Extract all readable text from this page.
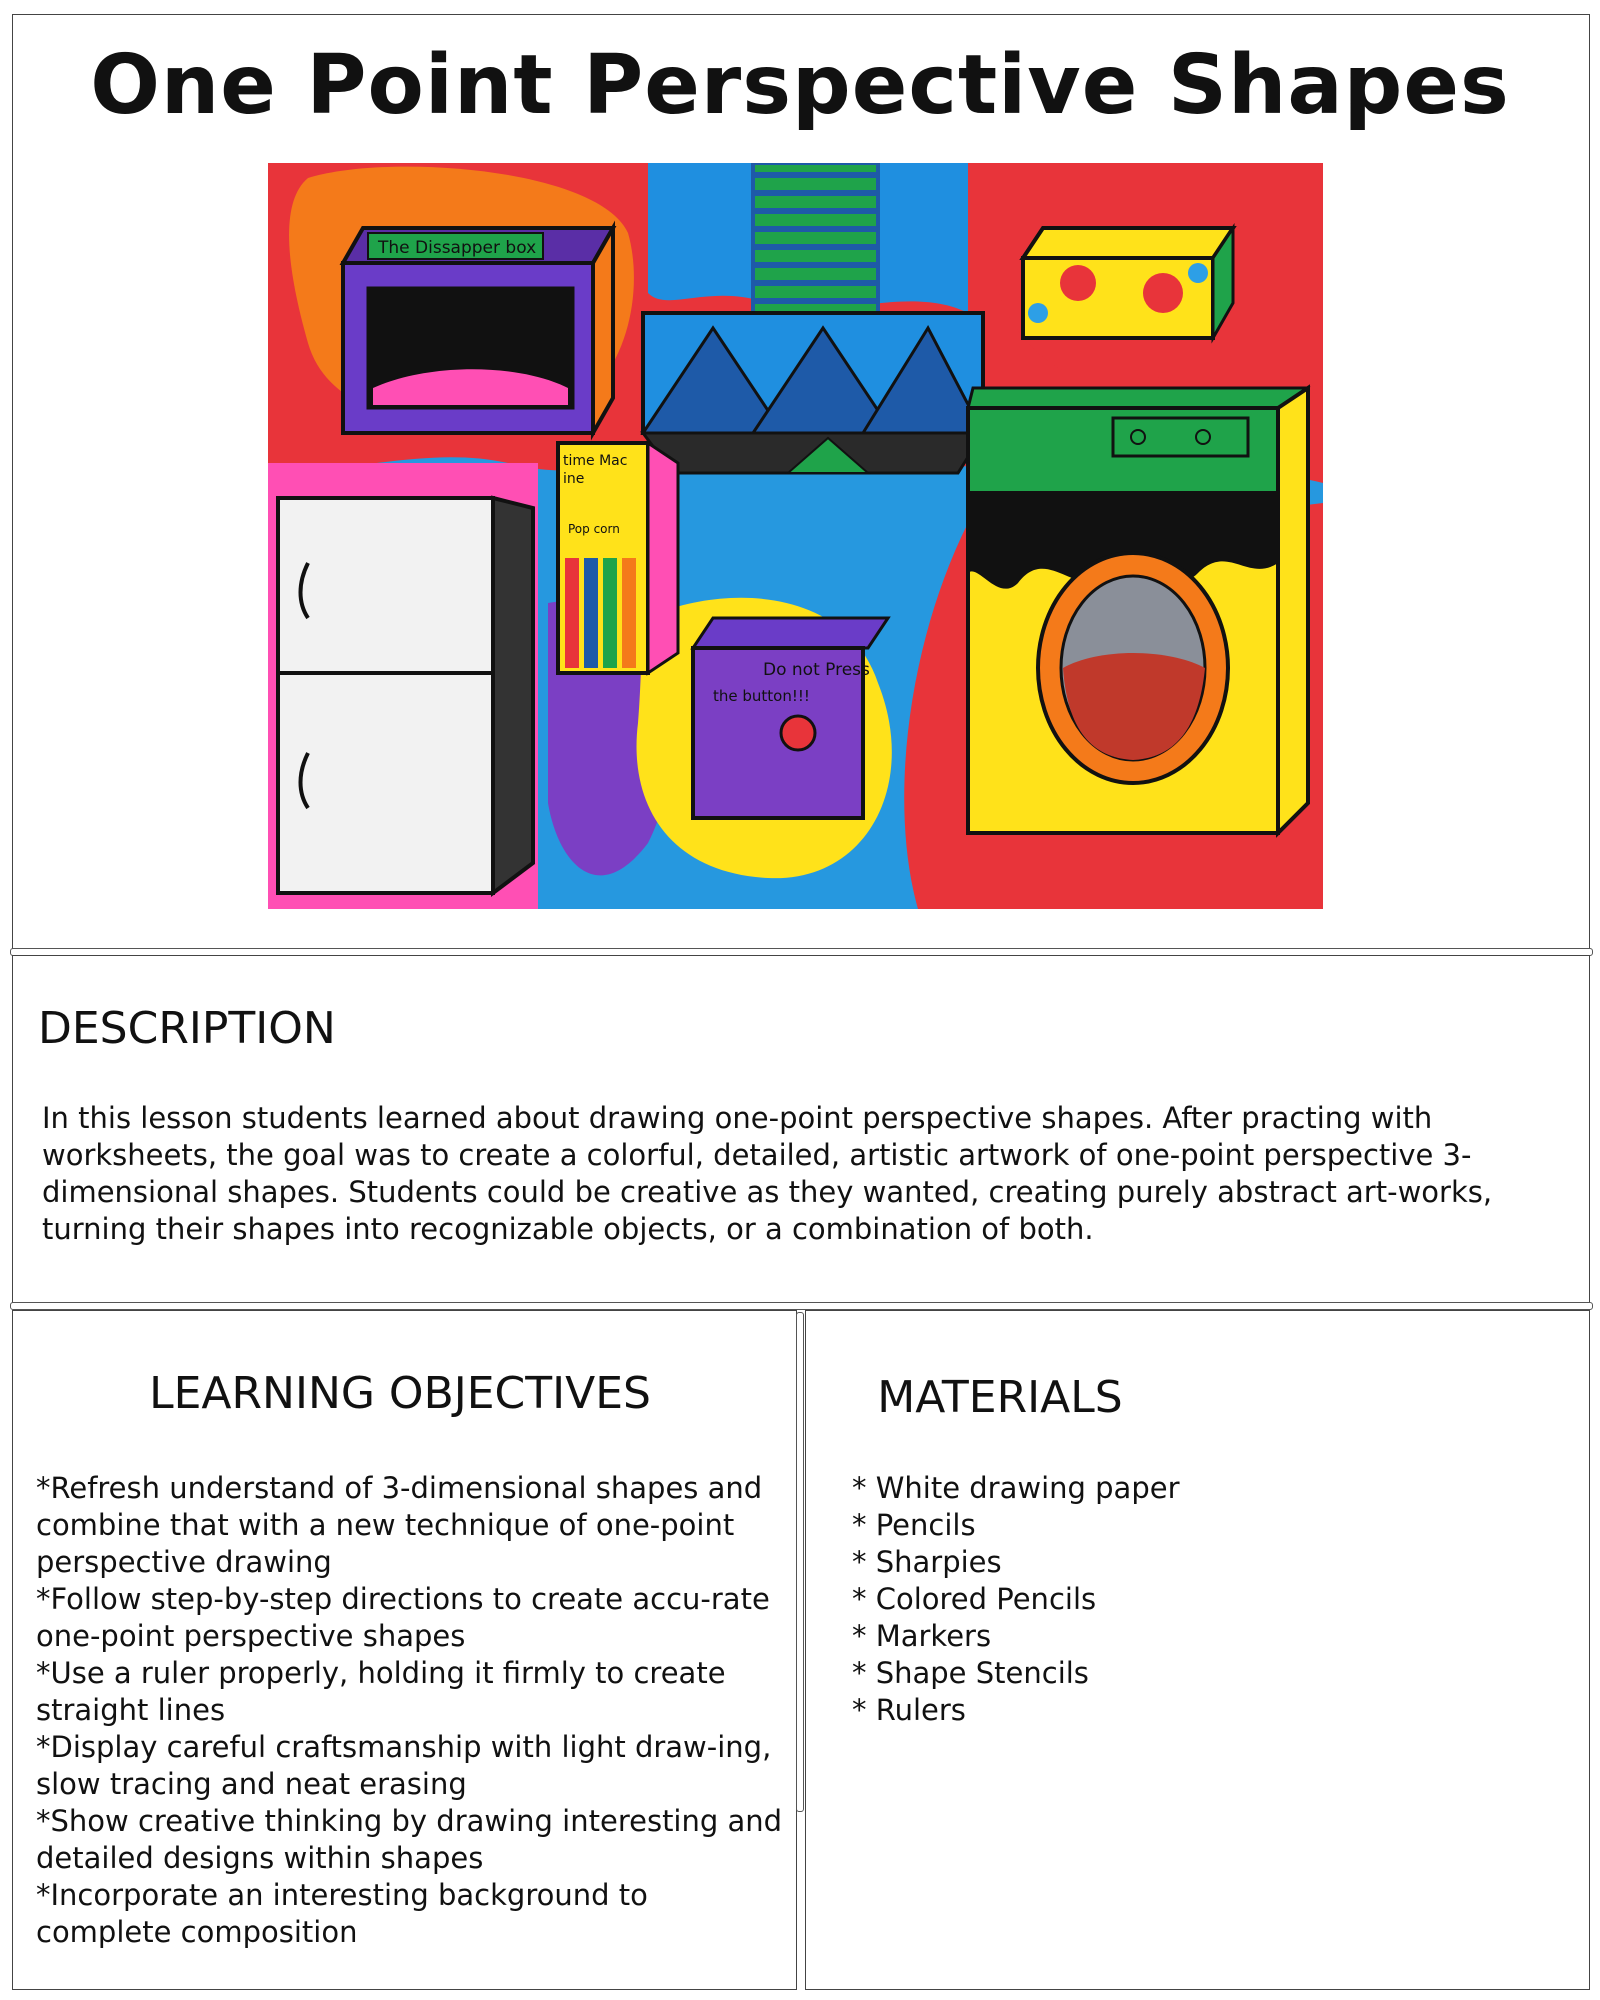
One Point Perspective Shapes
The Dissapper box
time Mac
ine
Pop corn
Do not Press
the button!!!
DESCRIPTION

In this lesson students learned about drawing one-point perspective shapes. After practing with worksheets, the goal was to create a colorful, detailed, artistic artwork of one-point perspective 3-dimensional shapes. Students could be creative as they wanted, creating purely abstract art-works, turning their shapes into recognizable objects, or a combination of both.

LEARNING OBJECTIVES
*Refresh understand of 3-dimensional shapes and combine that with a new technique of one-point perspective drawing
*Follow step-by-step directions to create accu-rate one-point perspective shapes
*Use a ruler properly, holding it firmly to create straight lines
*Display careful craftsmanship with light draw-ing, slow tracing and neat erasing
*Show creative thinking by drawing interesting and detailed designs within shapes
*Incorporate an interesting background to complete composition
MATERIALS
* White drawing paper
* Pencils
* Sharpies
* Colored Pencils
* Markers
* Shape Stencils
* Rulers
